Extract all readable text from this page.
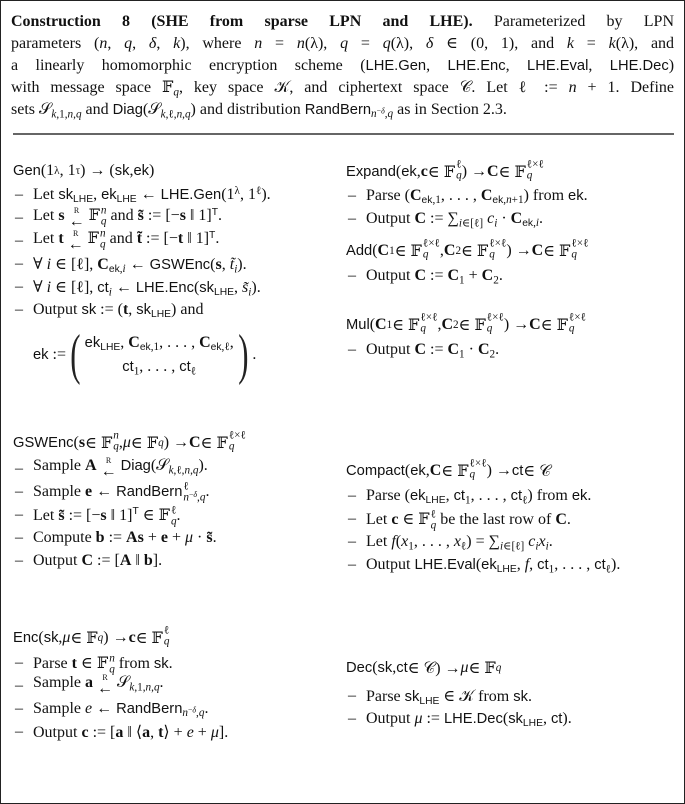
Construction 8 (SHE from sparse LPN and LHE). Parameterized by LPN
parameters (n, q, δ, k), where n = n(λ), q = q(λ), δ ∈ (0, 1), and k = k(λ), and
a linearly homomorphic encryption scheme (LHE.Gen, LHE.Enc, LHE.Eval, LHE.Dec)
with message space 𝔽$_q$, key space 𝒦, and ciphertext space 𝒞. Let ℓ := n + 1. Define
sets 𝒮$_{k,1,n,q}$ and Diag(𝒮$_{k,\ell,n,q}$) and distribution RandBern$_{n^{-\delta},q}$ as in Section 2.3.
Gen (1 λ , 1 τ ) → ( sk , ek )
– Let $sk_{LHE}$, $ek_{LHE}$ ← $LHE.Gen(1^\lambda$, $1^\ell$).
– Let s R ← 𝔽 q
n and s̃ := [−s ‖ 1]$^T$.
– Let t R ← 𝔽 q
n and t̃ := [−t ‖ 1]$^T$.
– ∀ i ∈ [ℓ], $C_{ek,i}$ ← GSWEnc(s, $t̃_i$).
– ∀ i ∈ [ℓ], $ct_i$ ← $LHE.Enc(sk_{LHE}$, $s̃_i$).
– Output sk := (t, $sk_{LHE}$) and
ek := ( $ek_{LHE}$, $C_{ek,1}$, . . . , $C_{ek,\ell}$,
$ct_1$, . . . , $ct_\ell$ ) .
GSWEnc ( s ∈ 𝔽 q
n , μ ∈ 𝔽 q ) → C ∈ 𝔽 q
ℓ×ℓ
– Sample A R ← Diag(𝒮$_{k,\ell,n,q}$).
– Sample e ← RandBern $n^{-\delta},q$
ℓ	.
– Let s̃ := [−s ‖ 1]$^T$ ∈ 𝔽 q
ℓ .
– Compute b := As + e + μ · s̃.
– Output C := [A ‖ b].
Enc ( sk , μ ∈ 𝔽 q ) → c ∈ 𝔽 q
ℓ
– Parse t ∈ 𝔽 q
n from sk.
– Sample a R ← 𝒮$_{k,1,n,q}$.
– Sample e ← RandBern$_{n^{-\delta},q}$.
– Output c := [a ‖ ⟨a, t⟩ + e + μ].
Expand ( ek , c ∈ 𝔽 q
ℓ ) → C ∈ 𝔽 q
ℓ×ℓ
– Parse ($C_{ek,1}$, . . . , $C_{ek,n+1}$) from ek.
– Output C := $\sum_{i\in[\ell]}$ $c_i \cdot C_{ek,i}$.
Add ( C 1 ∈ 𝔽 q
ℓ×ℓ , C 2 ∈ 𝔽 q
ℓ×ℓ ) → C ∈ 𝔽 q
ℓ×ℓ
– Output C := $C_1 + C_2$.
Mul ( C 1 ∈ 𝔽 q
ℓ×ℓ , C 2 ∈ 𝔽 q
ℓ×ℓ ) → C ∈ 𝔽 q
ℓ×ℓ
– Output C := $C_1 \cdot C_2$.
Compact ( ek , C ∈ 𝔽 q
ℓ×ℓ ) → ct ∈ 𝒞
– Parse ($ek_{LHE}$, $ct_1$, . . . , $ct_\ell$) from ek.
– Let c ∈ 𝔽 q
ℓ be the last row of C.
– Let $f(x_1$, . . . , $x_\ell) = \sum_{i\in[\ell]}$ $c_ix_i$.
– Output $LHE.Eval(ek_{LHE}$, f, $ct_1$, . . . , $ct_\ell$).
Dec ( sk , ct ∈ 𝒞) → μ ∈ 𝔽 q
– Parse $sk_{LHE}$ ∈ 𝒦 from sk.
– Output μ := $LHE.Dec(sk_{LHE}$, ct).
